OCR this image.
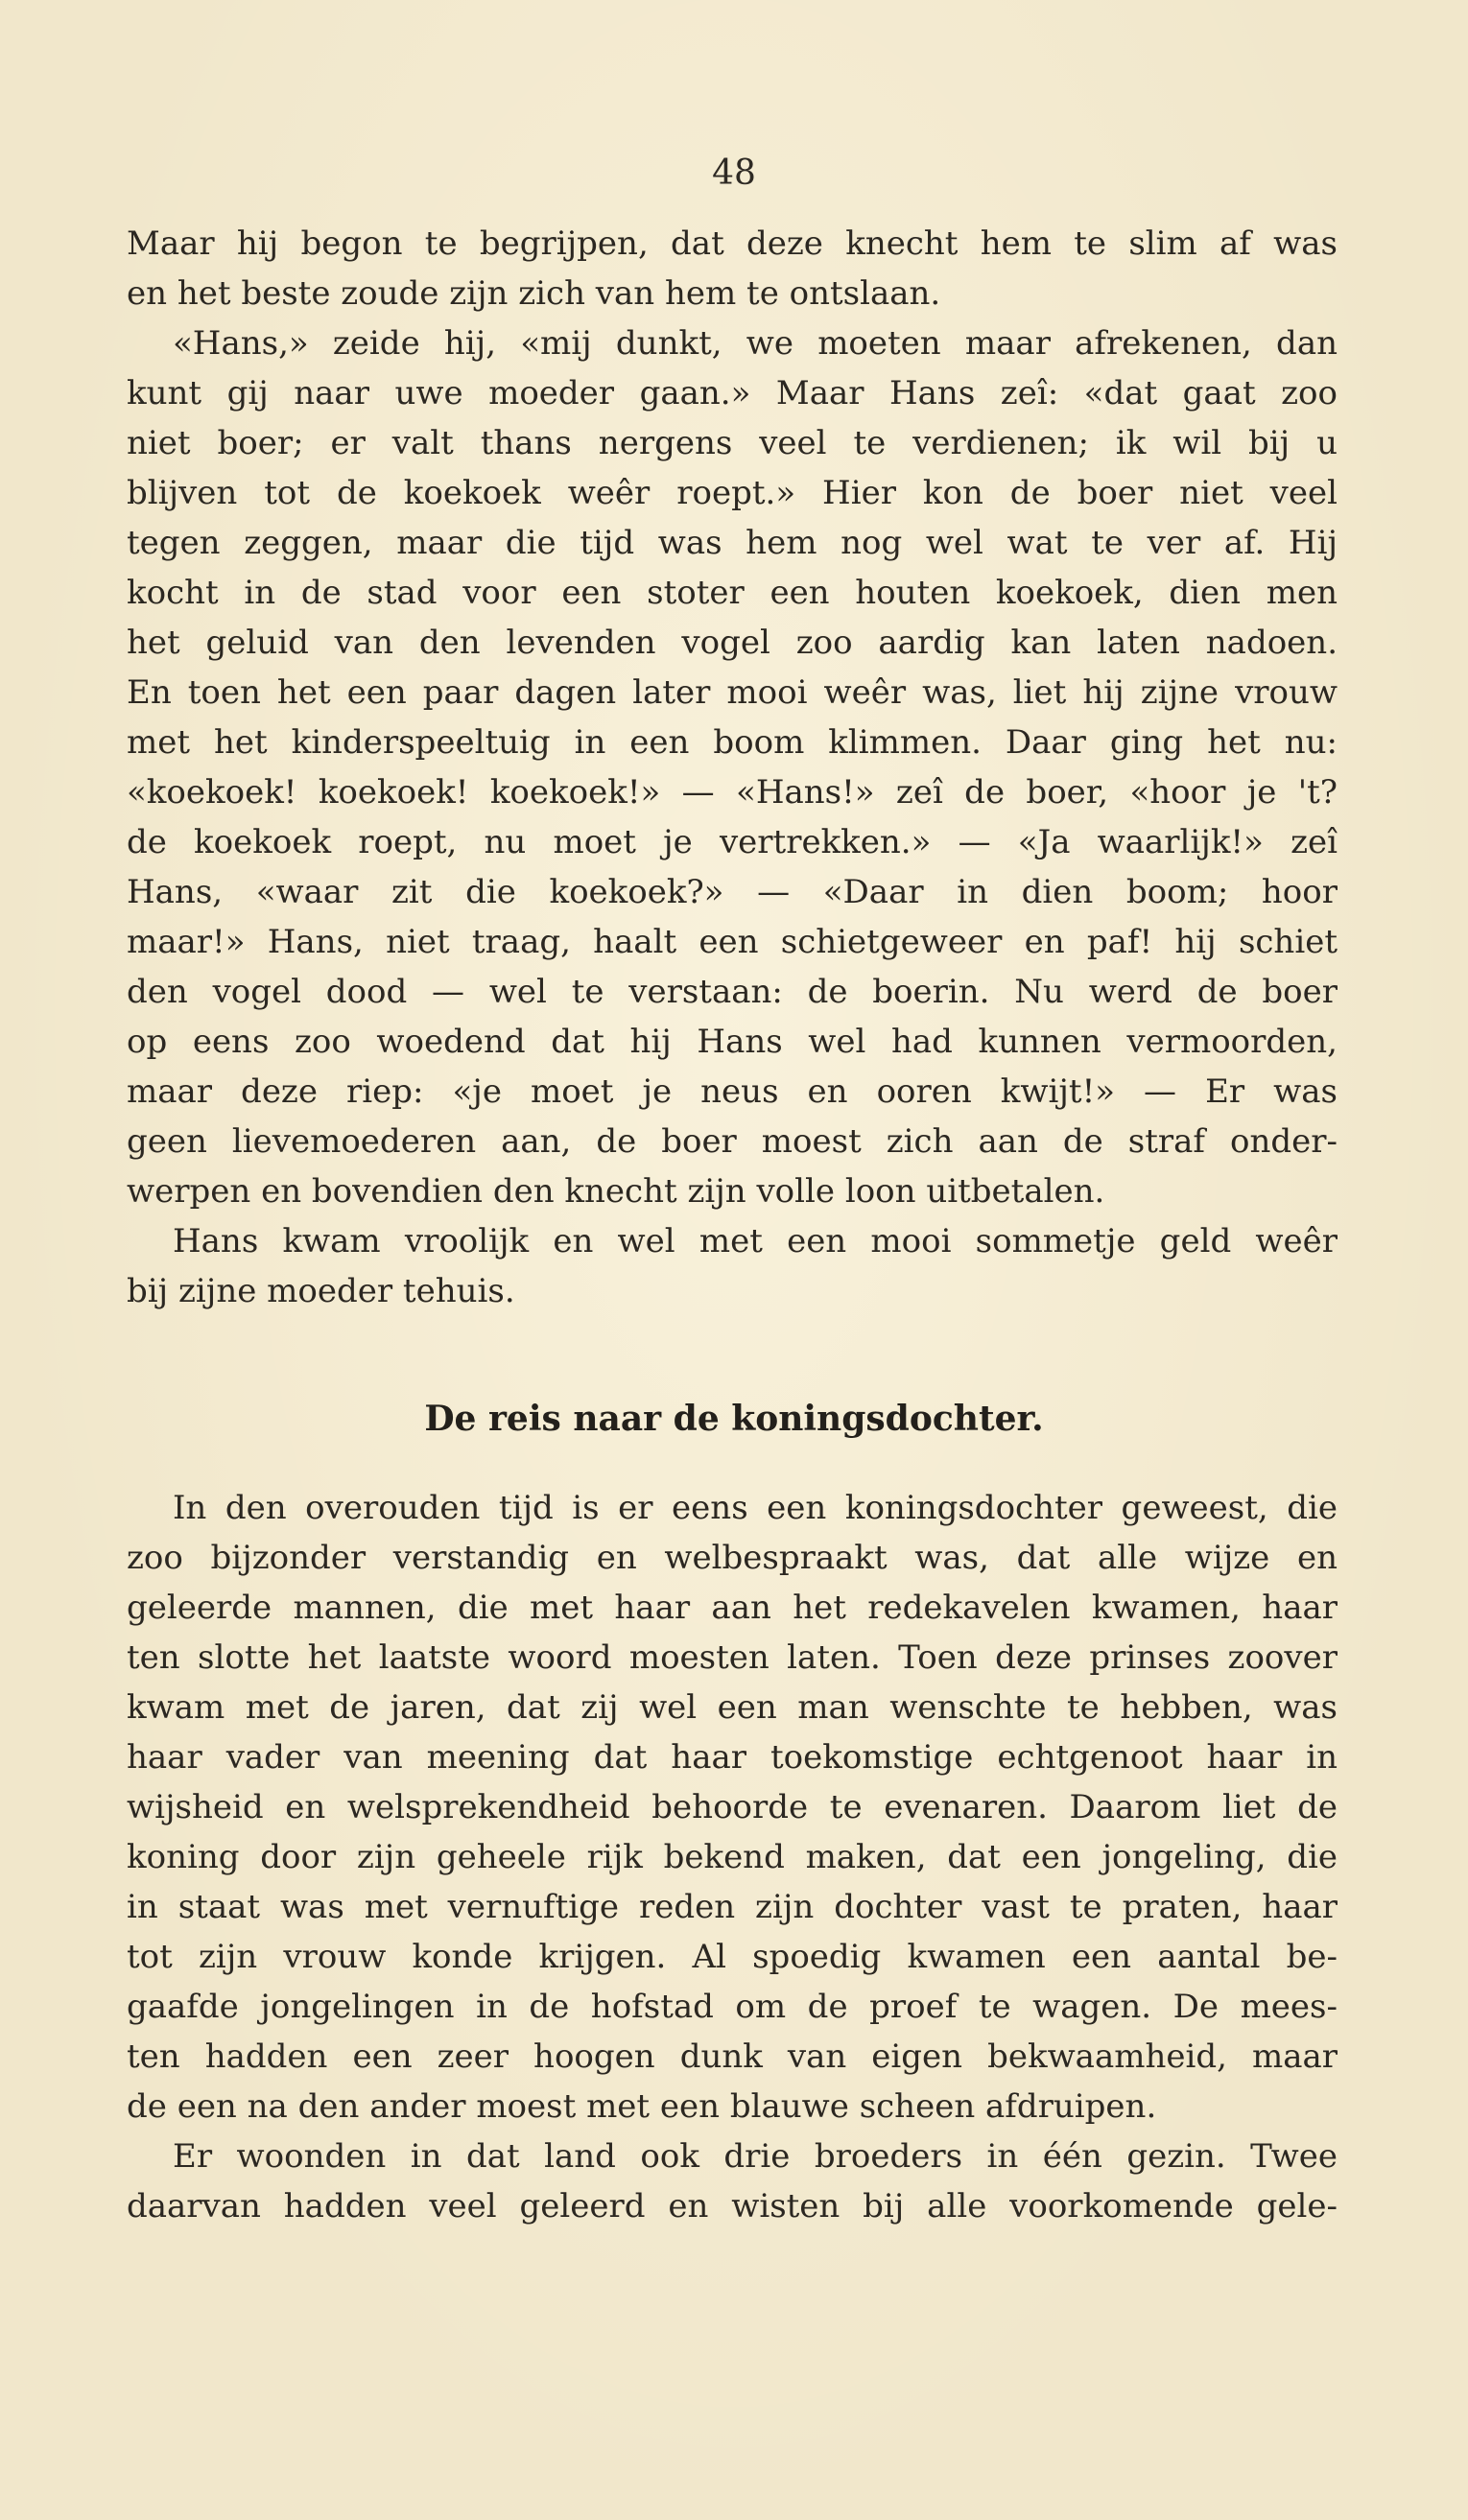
48

Maar hij begon te begrijpen, dat deze knecht hem te slim af was

en het beste zoude zijn zich van hem te ontslaan.

«Hans,» zeide hij, «mij dunkt, we moeten maar afrekenen, dan

kunt gij naar uwe moeder gaan.» Maar Hans zeî: «dat gaat zoo

niet boer; er valt thans nergens veel te verdienen; ik wil bij u

blijven tot de koekoek weêr roept.» Hier kon de boer niet veel

tegen zeggen, maar die tijd was hem nog wel wat te ver af. Hij

kocht in de stad voor een stoter een houten koekoek, dien men

het geluid van den levenden vogel zoo aardig kan laten nadoen.

En toen het een paar dagen later mooi weêr was, liet hij zijne vrouw

met het kinderspeeltuig in een boom klimmen. Daar ging het nu:

«koekoek! koekoek! koekoek!» — «Hans!» zeî de boer, «hoor je 't?

de koekoek roept, nu moet je vertrekken.» — «Ja waarlijk!» zeî

Hans, «waar zit die koekoek?» — «Daar in dien boom; hoor

maar!» Hans, niet traag, haalt een schietgeweer en paf! hij schiet

den vogel dood — wel te verstaan: de boerin. Nu werd de boer

op eens zoo woedend dat hij Hans wel had kunnen vermoorden,

maar deze riep: «je moet je neus en ooren kwijt!» — Er was

geen lievemoederen aan, de boer moest zich aan de straf onder-

werpen en bovendien den knecht zijn volle loon uitbetalen.

Hans kwam vroolijk en wel met een mooi sommetje geld weêr

bij zijne moeder tehuis.

De reis naar de koningsdochter.

In den overouden tijd is er eens een koningsdochter geweest, die

zoo bijzonder verstandig en welbespraakt was, dat alle wijze en

geleerde mannen, die met haar aan het redekavelen kwamen, haar

ten slotte het laatste woord moesten laten. Toen deze prinses zoover

kwam met de jaren, dat zij wel een man wenschte te hebben, was

haar vader van meening dat haar toekomstige echtgenoot haar in

wijsheid en welsprekendheid behoorde te evenaren. Daarom liet de

koning door zijn geheele rijk bekend maken, dat een jongeling, die

in staat was met vernuftige reden zijn dochter vast te praten, haar

tot zijn vrouw konde krijgen. Al spoedig kwamen een aantal be-

gaafde jongelingen in de hofstad om de proef te wagen. De mees-

ten hadden een zeer hoogen dunk van eigen bekwaamheid, maar

de een na den ander moest met een blauwe scheen afdruipen.

Er woonden in dat land ook drie broeders in één gezin. Twee

daarvan hadden veel geleerd en wisten bij alle voorkomende gele-
